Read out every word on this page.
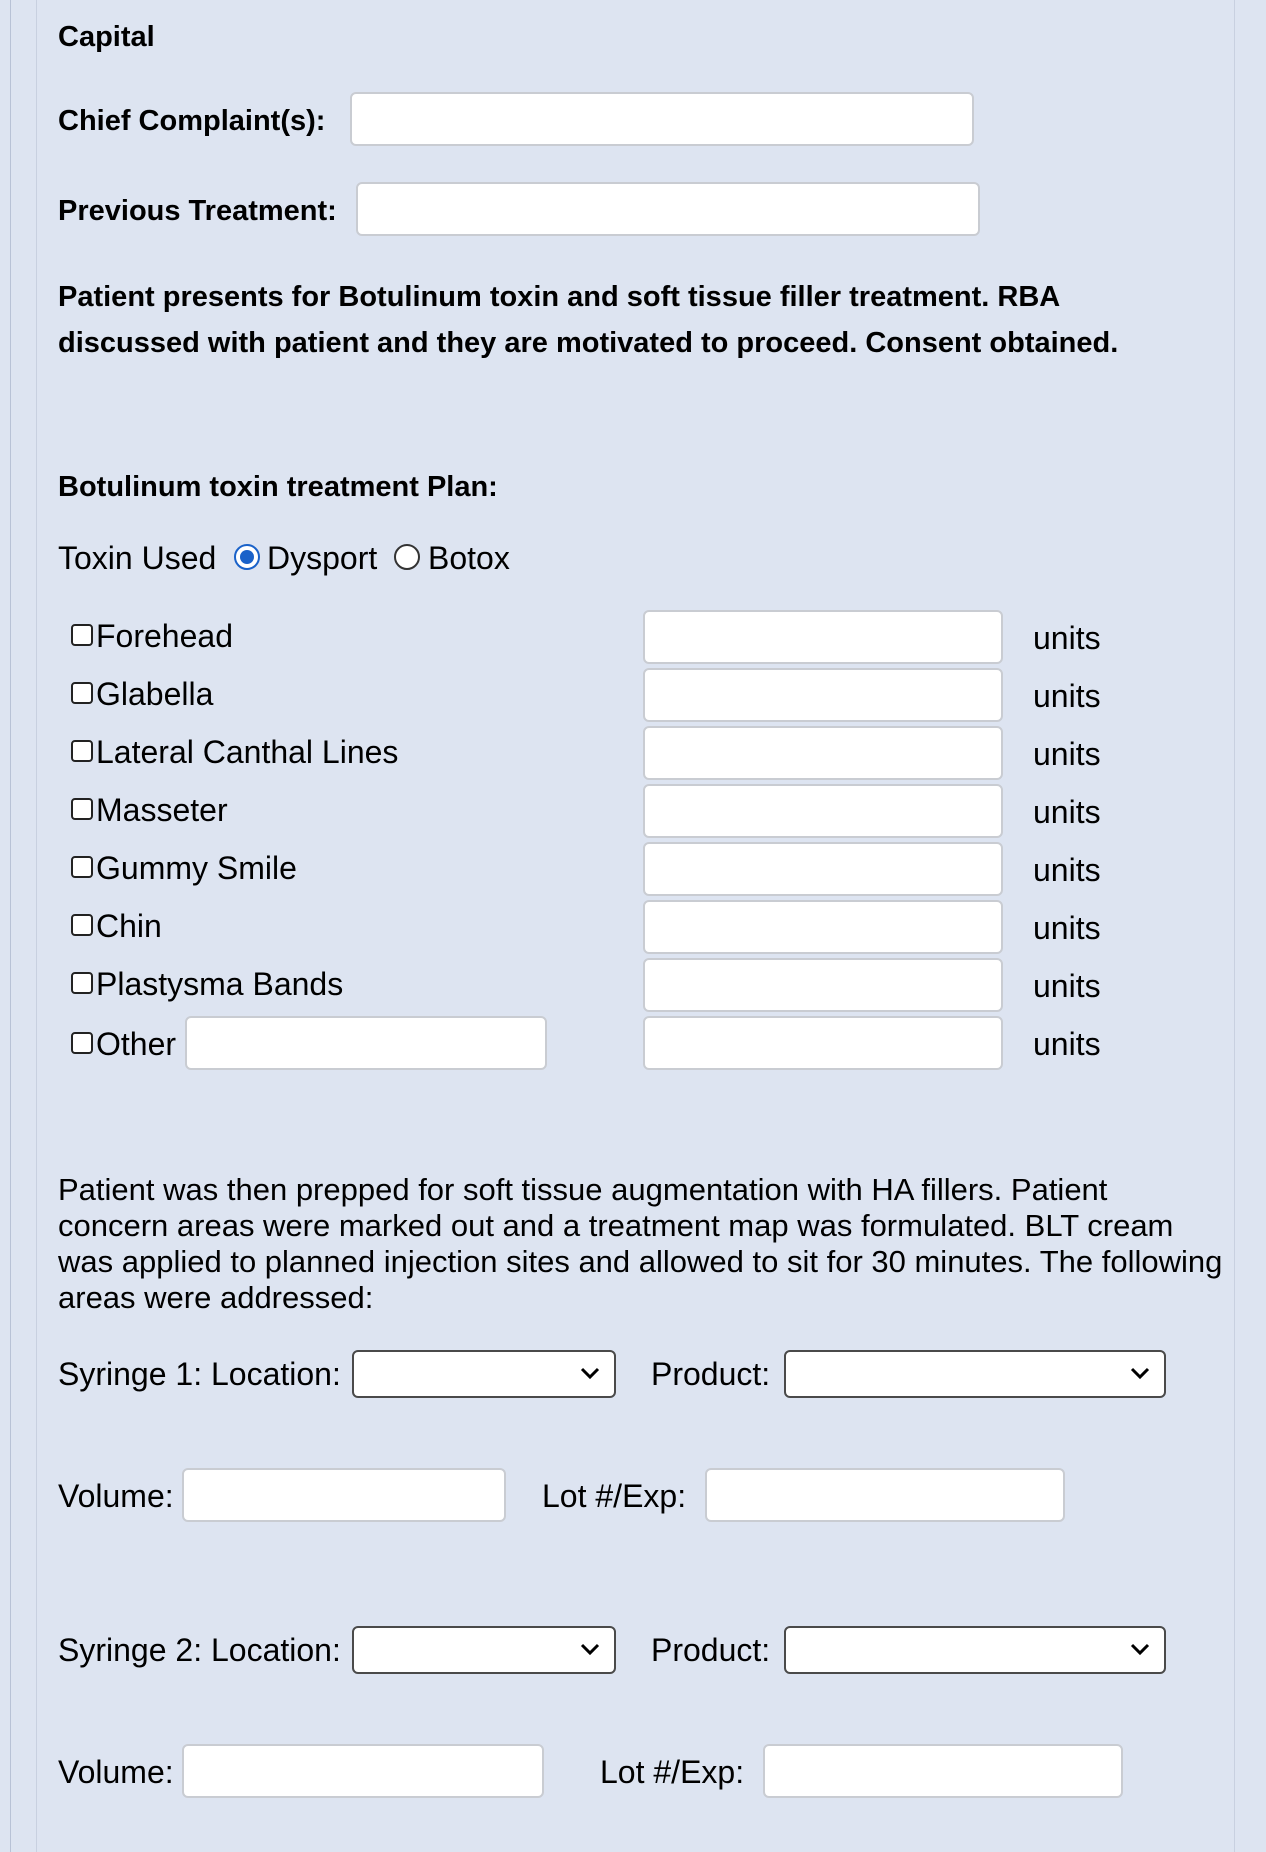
Capital
Chief Complaint(s):
Previous Treatment:
Patient presents for Botulinum toxin and soft tissue filler treatment. RBA discussed with patient and they are motivated to proceed. Consent obtained.
Botulinum toxin treatment Plan:
Toxin Used Dysport Botox
Forehead	units
Glabella	units
Lateral Canthal Lines	units
Masseter	units
Gummy Smile	units
Chin	units
Plastysma Bands	units
Other	units
Patient was then prepped for soft tissue augmentation with HA fillers. Patient concern areas were marked out and a treatment map was formulated. BLT cream was applied to planned injection sites and allowed to sit for 30 minutes. The following areas were addressed:
Syringe 1: Location:	Product:
Volume:	Lot #/Exp:
Syringe 2: Location:	Product:
Volume:	Lot #/Exp:
